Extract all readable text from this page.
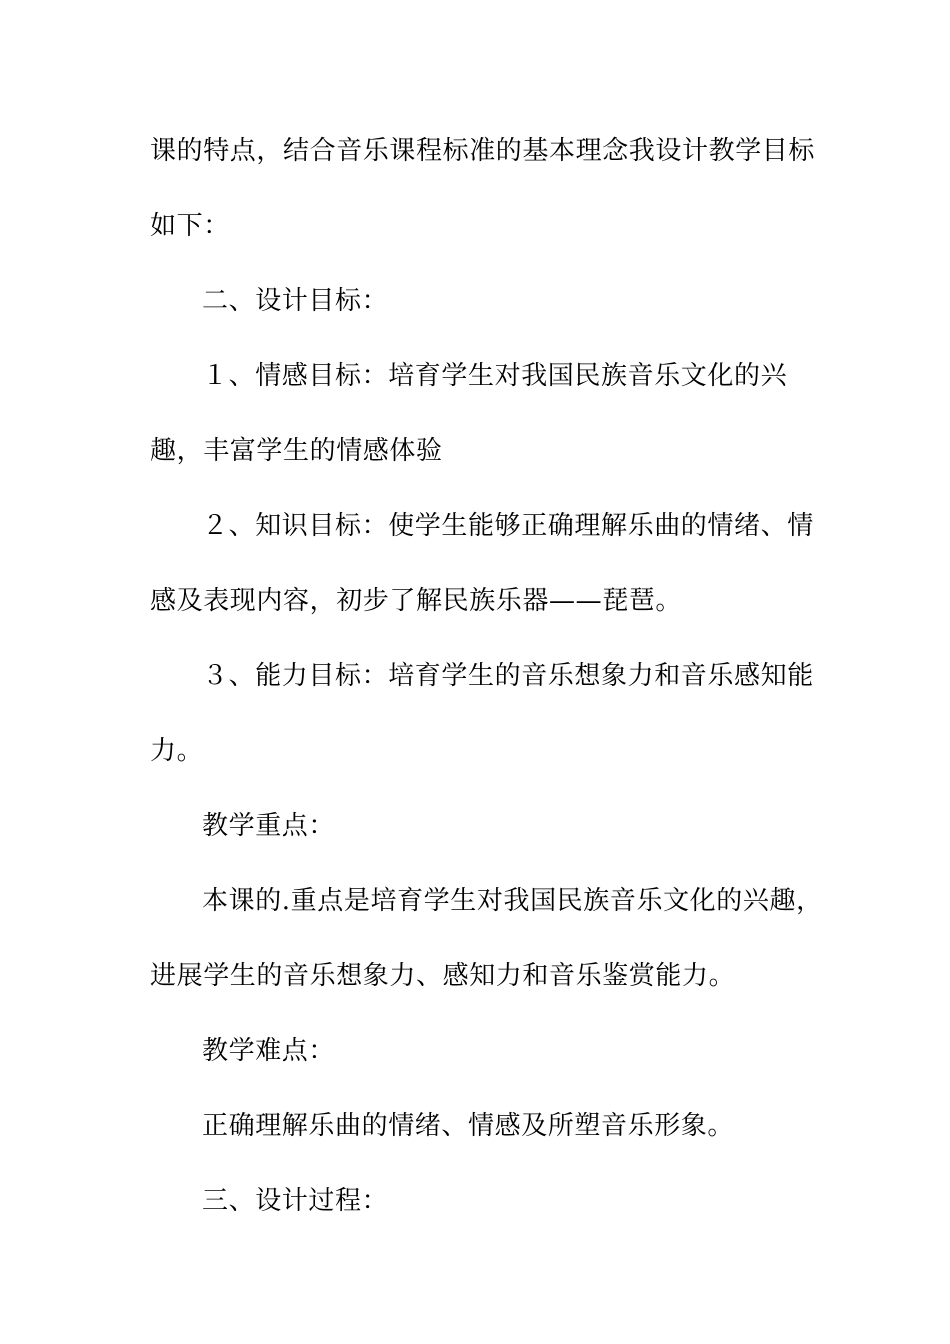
课的特点，结合音乐课程标准的基本理念我设计教学目标
如下：
二、设计目标：
１、情感目标：培育学生对我国民族音乐文化的兴
趣，丰富学生的情感体验
２、知识目标：使学生能够正确理解乐曲的情绪、情
感及表现内容，初步了解民族乐器——琵琶。
３、能力目标：培育学生的音乐想象力和音乐感知能
力。
教学重点：
本课的.重点是培育学生对我国民族音乐文化的兴趣，
进展学生的音乐想象力、感知力和音乐鉴赏能力。
教学难点：
正确理解乐曲的情绪、情感及所塑音乐形象。
三、设计过程：
